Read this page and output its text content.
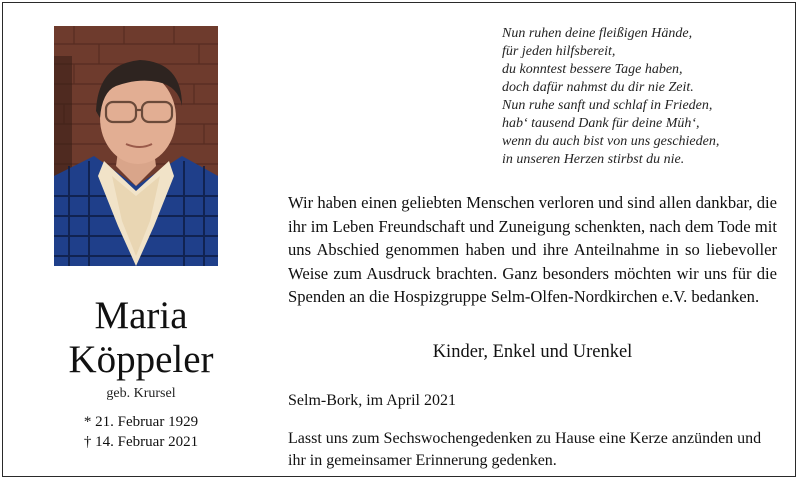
Nun ruhen deine fleißigen Hände,
für jeden hilfsbereit,
du konntest bessere Tage haben,
doch dafür nahmst du dir nie Zeit.
Nun ruhe sanft und schlaf in Frieden,
hab‘ tausend Dank für deine Müh‘,
wenn du auch bist von uns geschieden,
in unseren Herzen stirbst du nie.
Maria
Köppeler
geb. Krursel
* 21. Februar 1929
† 14. Februar 2021
Wir haben einen geliebten Menschen verloren und sind allen dankbar, die ihr im Leben Freundschaft und Zuneigung schenkten, nach dem Tode mit uns Abschied genommen haben und ihre Anteilnahme in so liebevoller Weise zum Ausdruck brachten. Ganz besonders möchten wir uns für die Spenden an die Hospizgruppe Selm-Olfen-Nordkirchen e.V. bedanken.
Kinder, Enkel und Urenkel
Selm-Bork, im April 2021
Lasst uns zum Sechswochengedenken zu Hause eine Kerze anzünden und ihr in gemeinsamer Erinnerung gedenken.
